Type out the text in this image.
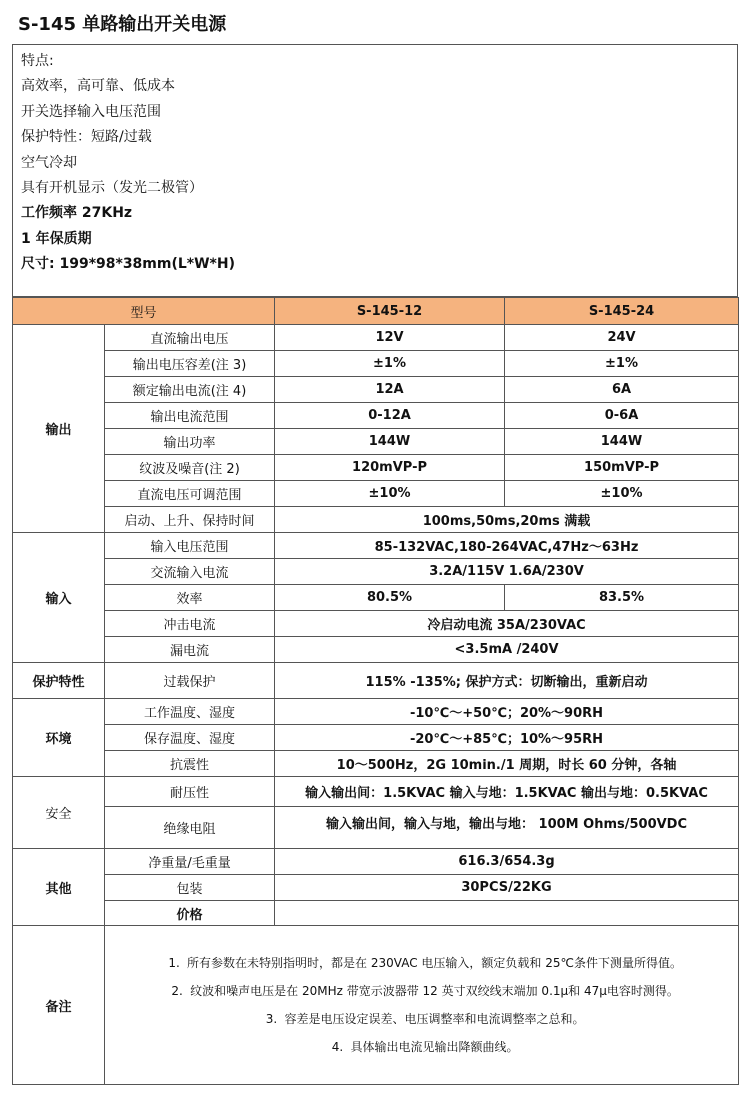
S-145 单路输出开关电源
特点:
高效率，高可靠、低成本
开关选择输入电压范围
保护特性：短路/过载
空气冷却
具有开机显示（发光二极管）
工作频率 27KHz
1 年保质期
尺寸: 199*98*38mm(L*W*H)
型号		S-145-12	S-145-24
输出	直流输出电压	12V	24V
	输出电压容差(注 3)	±1%	±1%
	额定输出电流(注 4)	12A	6A
	输出电流范围	0-12A	0-6A
	输出功率	144W	144W
	纹波及噪音(注 2)	120mVP-P	150mVP-P
	直流电压可调范围	±10%	±10%
	启动、上升、保持时间	100ms,50ms,20ms 满载	
输入	输入电压范围	85-132VAC,180-264VAC,47Hz～63Hz	
	交流输入电流	3.2A/115V 1.6A/230V	
	效率	80.5%	83.5%
	冲击电流	冷启动电流 35A/230VAC	
	漏电流	<3.5mA /240V	
保护特性	过载保护	115% -135%; 保护方式：切断输出，重新启动	
环境	工作温度、湿度	-10℃～+50℃；20%～90RH	
	保存温度、湿度	-20℃～+85℃；10%～95RH	
	抗震性	10～500Hz，2G 10min./1 周期，时长 60 分钟，各轴	
安全	耐压性	输入输出间：1.5KVAC 输入与地：1.5KVAC 输出与地：0.5KVAC	
	绝缘电阻	输入输出间，输入与地，输出与地： 100M Ohms/500VDC	
其他	净重量/毛重量	616.3/654.3g	
	包装	30PCS/22KG	
	价格		
备注	1. 所有参数在未特别指明时，都是在 230VAC 电压输入，额定负载和 25℃条件下测量所得值。
2. 纹波和噪声电压是在 20MHz 带宽示波器带 12 英寸双绞线末端加 0.1μ和 47μ电容时测得。
3. 容差是电压设定误差、电压调整率和电流调整率之总和。
4. 具体输出电流见输出降额曲线。		
